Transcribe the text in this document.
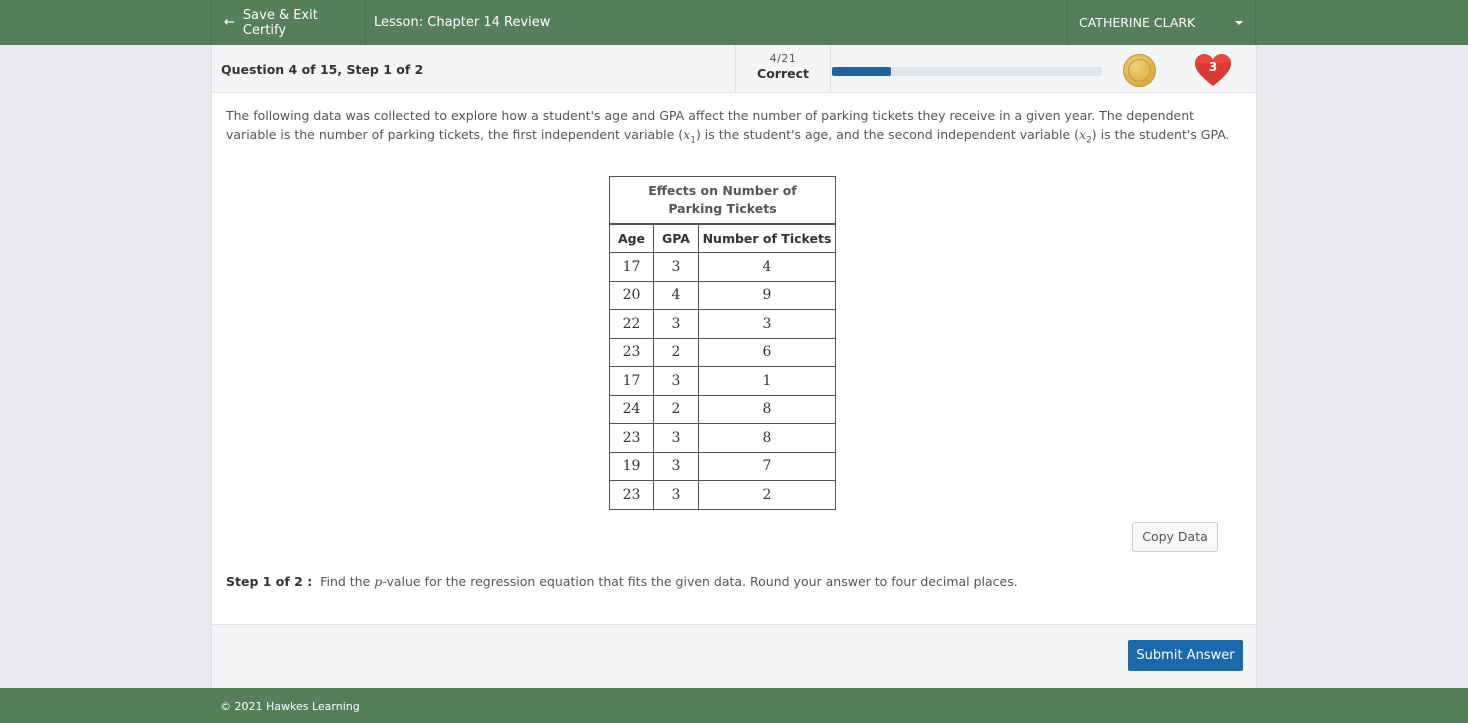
← Save & Exit Certify	Lesson: Chapter 14 Review	CATHERINE CLARK
Question 4 of 15, Step 1 of 2
4/21
Correct	3
The following data was collected to explore how a student's age and GPA affect the number of parking tickets they receive in a given year. The dependent variable is the number of parking tickets, the first independent variable $(x_1)$ is the student's age, and the second independent variable $(x_2)$ is the student's GPA.
Effects on Number of Parking Tickets		
Age	GPA	Number of Tickets
17	3	4
20	4	9
22	3	3
23	2	6
17	3	1
24	2	8
23	3	8
19	3	7
23	3	2
Copy Data
Step 1 of 2 : Find the p-value for the regression equation that fits the given data. Round your answer to four decimal places.
Submit Answer
© 2021 Hawkes Learning
